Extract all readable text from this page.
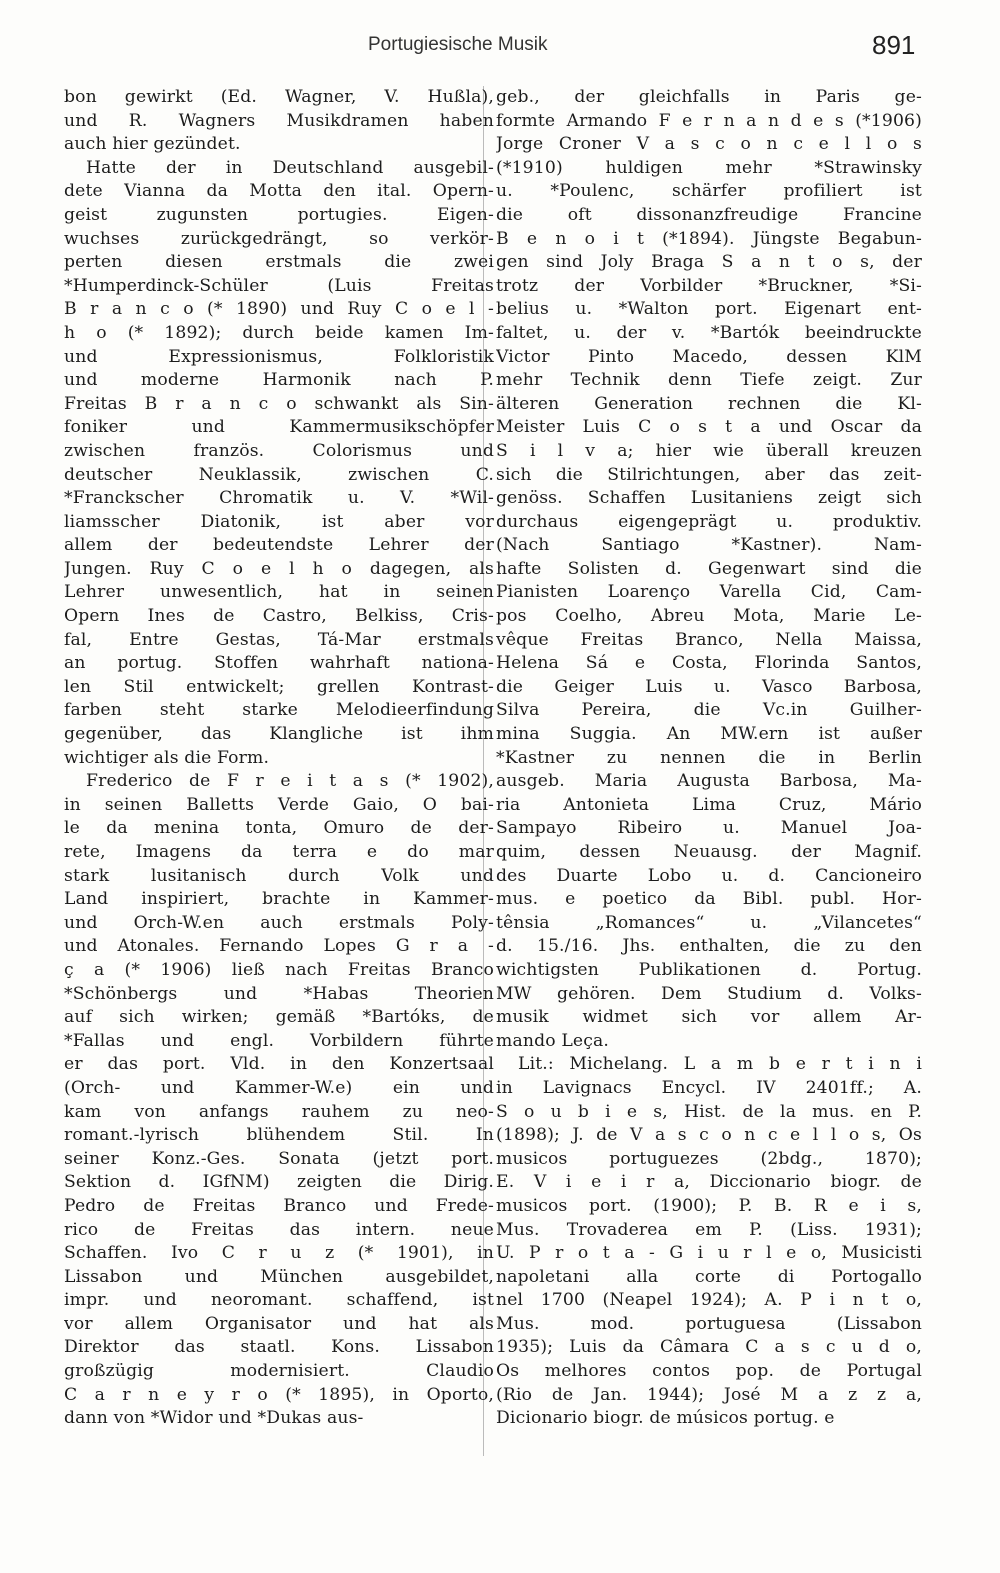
Portugiesische Musik	891
bon gewirkt (Ed. Wagner, V. Hußla),
und R. Wagners Musikdramen haben
auch hier gezündet.
Hatte der in Deutschland ausgebil-
dete Vianna da Motta den ital. Opern-
geist zugunsten portugies. Eigen-
wuchses zurückgedrängt, so verkör-
perten diesen erstmals die zwei
*Humperdinck-Schüler (Luis Freitas
B r a n c o (* 1890) und Ruy C o e l -
h o (* 1892); durch beide kamen Im-
und Expressionismus, Folkloristik
und moderne Harmonik nach P.
Freitas B r a n c o schwankt als Sin-
foniker und Kammermusikschöpfer
zwischen französ. Colorismus und
deutscher Neuklassik, zwischen C.
*Franckscher Chromatik u. V. *Wil-
liamsscher Diatonik, ist aber vor
allem der bedeutendste Lehrer der
Jungen. Ruy C o e l h o dagegen, als
Lehrer unwesentlich, hat in seinen
Opern Ines de Castro, Belkiss, Cris-
fal, Entre Gestas, Tá-Mar erstmals
an portug. Stoffen wahrhaft nationa-
len Stil entwickelt; grellen Kontrast-
farben steht starke Melodieerfindung
gegenüber, das Klangliche ist ihm
wichtiger als die Form.
Frederico de F r e i t a s (* 1902),
in seinen Balletts Verde Gaio, O bai-
le da menina tonta, Omuro de der-
rete, Imagens da terra e do mar
stark lusitanisch durch Volk und
Land inspiriert, brachte in Kammer-
und Orch-W.en auch erstmals Poly-
und Atonales. Fernando Lopes G r a -
ç a (* 1906) ließ nach Freitas Branco
*Schönbergs und *Habas Theorien
auf sich wirken; gemäß *Bartóks, de
*Fallas und engl. Vorbildern führte
er das port. Vld. in den Konzertsaal
(Orch- und Kammer-W.e) ein und
kam von anfangs rauhem zu neo-
romant.-lyrisch blühendem Stil. In
seiner Konz.-Ges. Sonata (jetzt port.
Sektion d. IGfNM) zeigten die Dirig.
Pedro de Freitas Branco und Frede-
rico de Freitas das intern. neue
Schaffen. Ivo C r u z (* 1901), in
Lissabon und München ausgebildet,
impr. und neoromant. schaffend, ist
vor allem Organisator und hat als
Direktor das staatl. Kons. Lissabon
großzügig modernisiert. Claudio
C a r n e y r o (* 1895), in Oporto,
dann von *Widor und *Dukas aus-
geb., der gleichfalls in Paris ge-
formte Armando F e r n a n d e s (*1906)
Jorge Croner V a s c o n c e l l o s
(*1910) huldigen mehr *Strawinsky
u. *Poulenc, schärfer profiliert ist
die oft dissonanzfreudige Francine
B e n o i t (*1894). Jüngste Begabun-
gen sind Joly Braga S a n t o s, der
trotz der Vorbilder *Bruckner, *Si-
belius u. *Walton port. Eigenart ent-
faltet, u. der v. *Bartók beeindruckte
Victor Pinto Macedo, dessen KlM
mehr Technik denn Tiefe zeigt. Zur
älteren Generation rechnen die Kl-
Meister Luis C o s t a und Oscar da
S i l v a; hier wie überall kreuzen
sich die Stilrichtungen, aber das zeit-
genöss. Schaffen Lusitaniens zeigt sich
durchaus eigengeprägt u. produktiv.
(Nach Santiago *Kastner). Nam-
hafte Solisten d. Gegenwart sind die
Pianisten Loarenço Varella Cid, Cam-
pos Coelho, Abreu Mota, Marie Le-
vêque Freitas Branco, Nella Maissa,
Helena Sá e Costa, Florinda Santos,
die Geiger Luis u. Vasco Barbosa,
Silva Pereira, die Vc.in Guilher-
mina Suggia. An MW.ern ist außer
*Kastner zu nennen die in Berlin
ausgeb. Maria Augusta Barbosa, Ma-
ria Antonieta Lima Cruz, Mário
Sampayo Ribeiro u. Manuel Joa-
quim, dessen Neuausg. der Magnif.
des Duarte Lobo u. d. Cancioneiro
mus. e poetico da Bibl. publ. Hor-
tênsia „Romances“ u. „Vilancetes“
d. 15./16. Jhs. enthalten, die zu den
wichtigsten Publikationen d. Portug.
MW gehören. Dem Studium d. Volks-
musik widmet sich vor allem Ar-
mando Leça.
Lit.: Michelang. L a m b e r t i n i
in Lavignacs Encycl. IV 2401ff.; A.
S o u b i e s, Hist. de la mus. en P.
(1898); J. de V a s c o n c e l l o s, Os
musicos portuguezes (2bdg., 1870);
E. V i e i r a, Diccionario biogr. de
musicos port. (1900); P. B. R e i s,
Mus. Trovaderea em P. (Liss. 1931);
U. P r o t a - G i u r l e o, Musicisti
napoletani alla corte di Portogallo
nel 1700 (Neapel 1924); A. P i n t o,
Mus. mod. portuguesa (Lissabon
1935); Luis da Câmara C a s c u d o,
Os melhores contos pop. de Portugal
(Rio de Jan. 1944); José M a z z a,
Dicionario biogr. de músicos portug. e
